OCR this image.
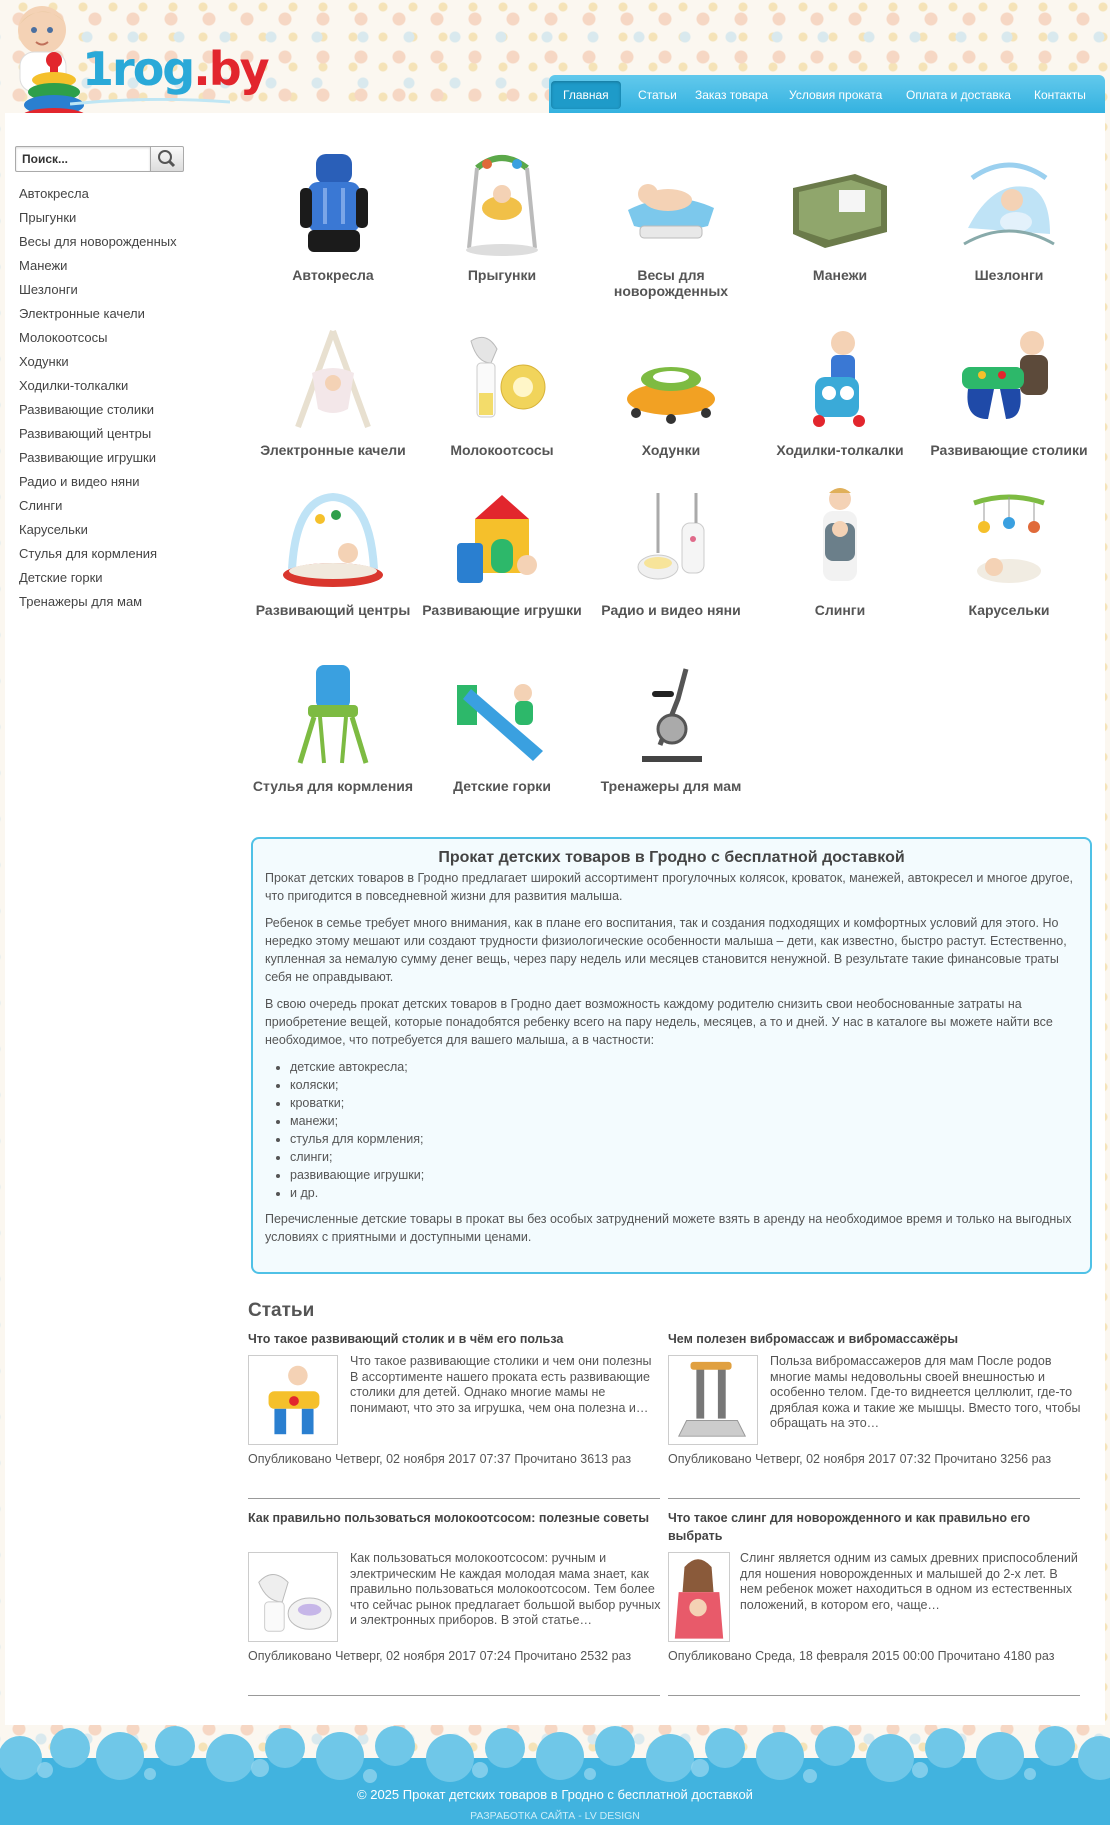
1rog.by	Главная	Статьи	Заказ товара	Условия проката	Оплата и доставка	Контакты
Поиск...
Автокресла
Прыгунки
Весы для новорожденных
Манежи
Шезлонги
Электронные качели
Молокоотсосы
Ходунки
Ходилки-толкалки
Развивающие столики
Развивающий центры
Развивающие игрушки
Радио и видео няни
Слинги
Карусельки
Стулья для кормления
Детские горки
Тренажеры для мам
Автокресла	Прыгунки	Весы для новорожденных
Манежи	Шезлонги
Электронные качели	Молокоотсосы	Ходунки	Ходилки-толкалки	Развивающие столики
Развивающий центры Развивающие игрушки	Радио и видео няни	Слинги	Карусельки
Стулья для кормления	Детские горки	Тренажеры для мам
Прокат детских товаров в Гродно с бесплатной доставкой

Прокат детских товаров в Гродно предлагает широкий ассортимент прогулочных колясок, кроваток, манежей, автокресел и многое другое, что пригодится в повседневной жизни для развития малыша.

Ребенок в семье требует много внимания, как в плане его воспитания, так и создания подходящих и комфортных условий для этого. Но нередко этому мешают или создают трудности физиологические особенности малыша – дети, как известно, быстро растут. Естественно, купленная за немалую сумму денег вещь, через пару недель или месяцев становится ненужной. В результате такие финансовые траты себя не оправдывают.

В свою очередь прокат детских товаров в Гродно дает возможность каждому родителю снизить свои необоснованные затраты на приобретение вещей, которые понадобятся ребенку всего на пару недель, месяцев, а то и дней. У нас в каталоге вы можете найти все необходимое, что потребуется для вашего малыша, а в частности:

• детские автокресла;
• коляски;
• кроватки;
• манежи;
• стулья для кормления;
• слинги;
• развивающие игрушки;
• и др.

Перечисленные детские товары в прокат вы без особых затруднений можете взять в аренду на необходимое время и только на выгодных условиях с приятными и доступными ценами.

Статьи
Что такое развивающий столик и в чём его польза
Что такое развивающие столики и чем они полезны В ассортименте нашего проката есть развивающие столики для детей. Однако многие мамы не понимают, что это за игрушка, чем она полезна и…
Опубликовано Четверг, 02 ноября 2017 07:37 Прочитано 3613 раз
Чем полезен вибромассаж и вибромассажёры
Польза вибромассажеров для мам После родов многие мамы недовольны своей внешностью и особенно телом. Где-то виднеется целлюлит, где-то дряблая кожа и такие же мышцы. Вместо того, чтобы обращать на это…
Опубликовано Четверг, 02 ноября 2017 07:32 Прочитано 3256 раз
Как правильно пользоваться молокоотсосом: полезные советы
Как пользоваться молокоотсосом: ручным и электрическим Не каждая молодая мама знает, как правильно пользоваться молокоотсосом. Тем более что сейчас рынок предлагает большой выбор ручных и электронных приборов. В этой статье…
Опубликовано Четверг, 02 ноября 2017 07:24 Прочитано 2532 раз
Что такое слинг для новорожденного и как правильно его выбрать
Слинг является одним из самых древних приспособлений для ношения новорожденных и малышей до 2-х лет. В нем ребенок может находиться в одном из естественных положений, в котором его, чаще…
Опубликовано Среда, 18 февраля 2015 00:00 Прочитано 4180 раз
© 2025 Прокат детских товаров в Гродно с бесплатной доставкой
РАЗРАБОТКА САЙТА - LV DESIGN
